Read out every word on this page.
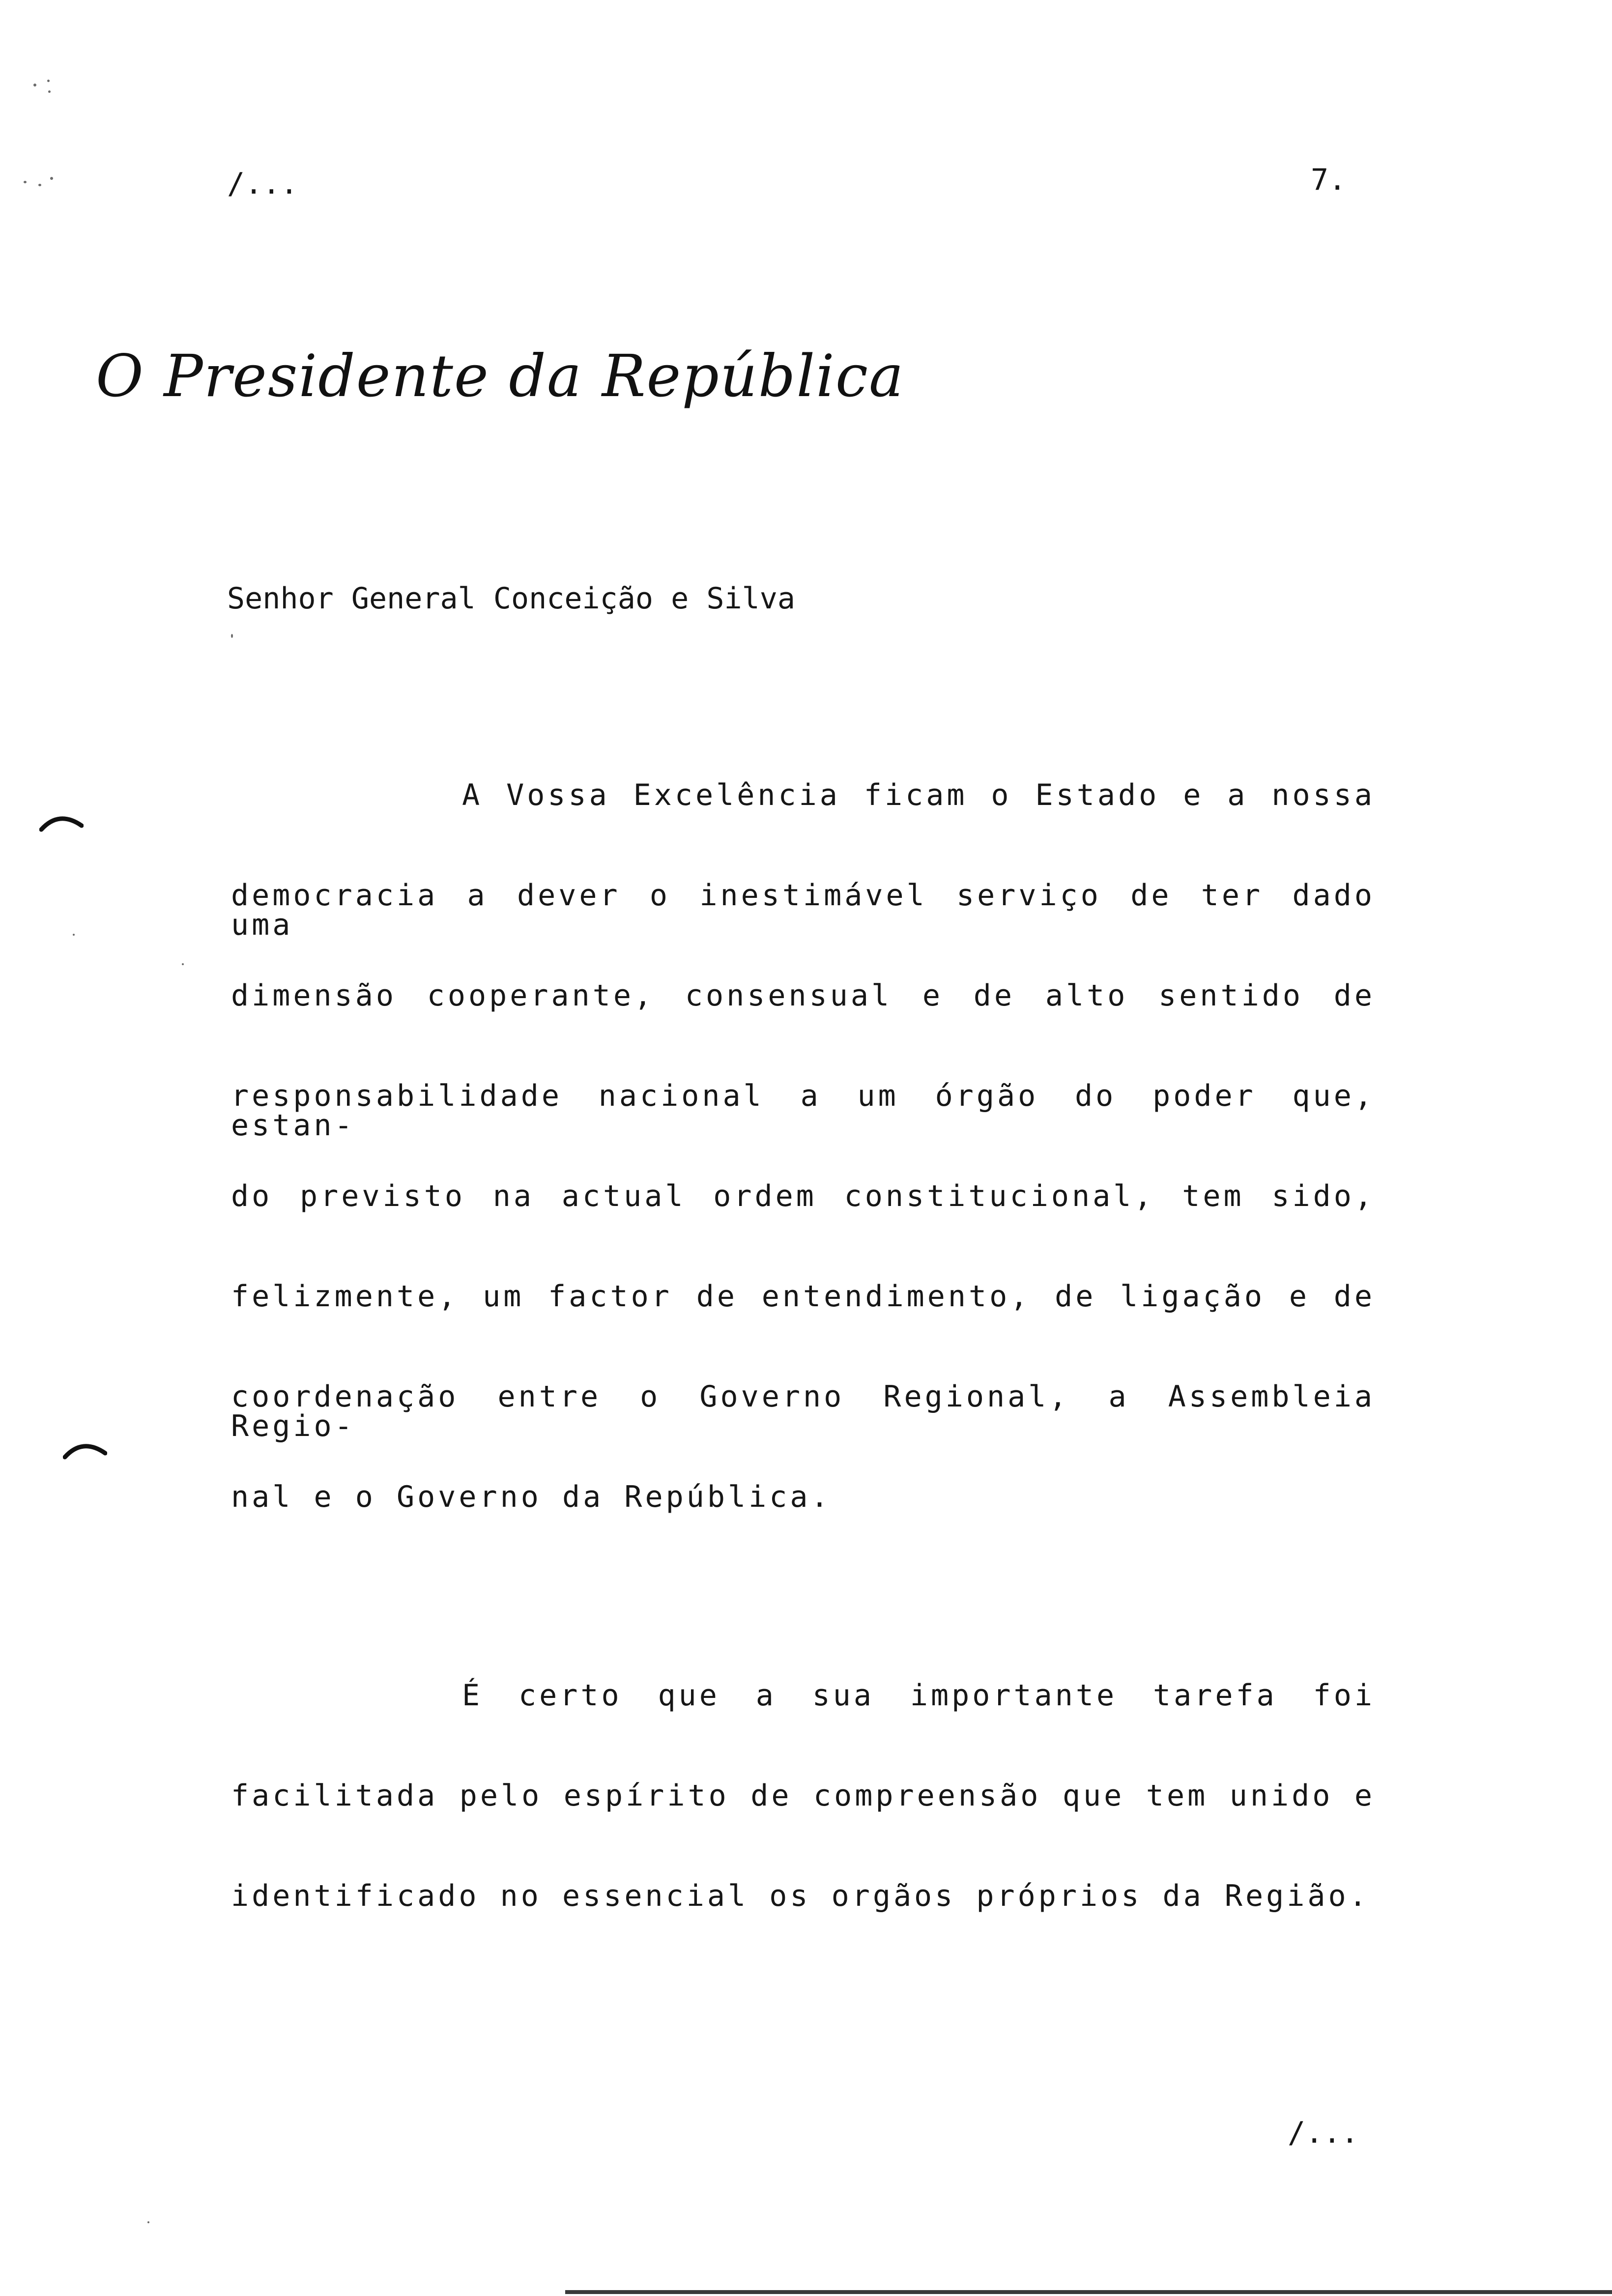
/...	7.
O Presidente da República
Senhor General Conceição e Silva
A Vossa Excelência ficam o Estado e a nossa
democracia a dever o inestimável serviço de ter dado uma
dimensão cooperante, consensual e de alto sentido de
responsabilidade nacional a um órgão do poder que, estan-
do previsto na actual ordem constitucional, tem sido,
felizmente, um factor de entendimento, de ligação e de
coordenação entre o Governo Regional, a Assembleia Regio-
nal e o Governo da República.
É certo que a sua importante tarefa foi
facilitada pelo espírito de compreensão que tem unido e
identificado no essencial os orgãos próprios da Região.
/...
